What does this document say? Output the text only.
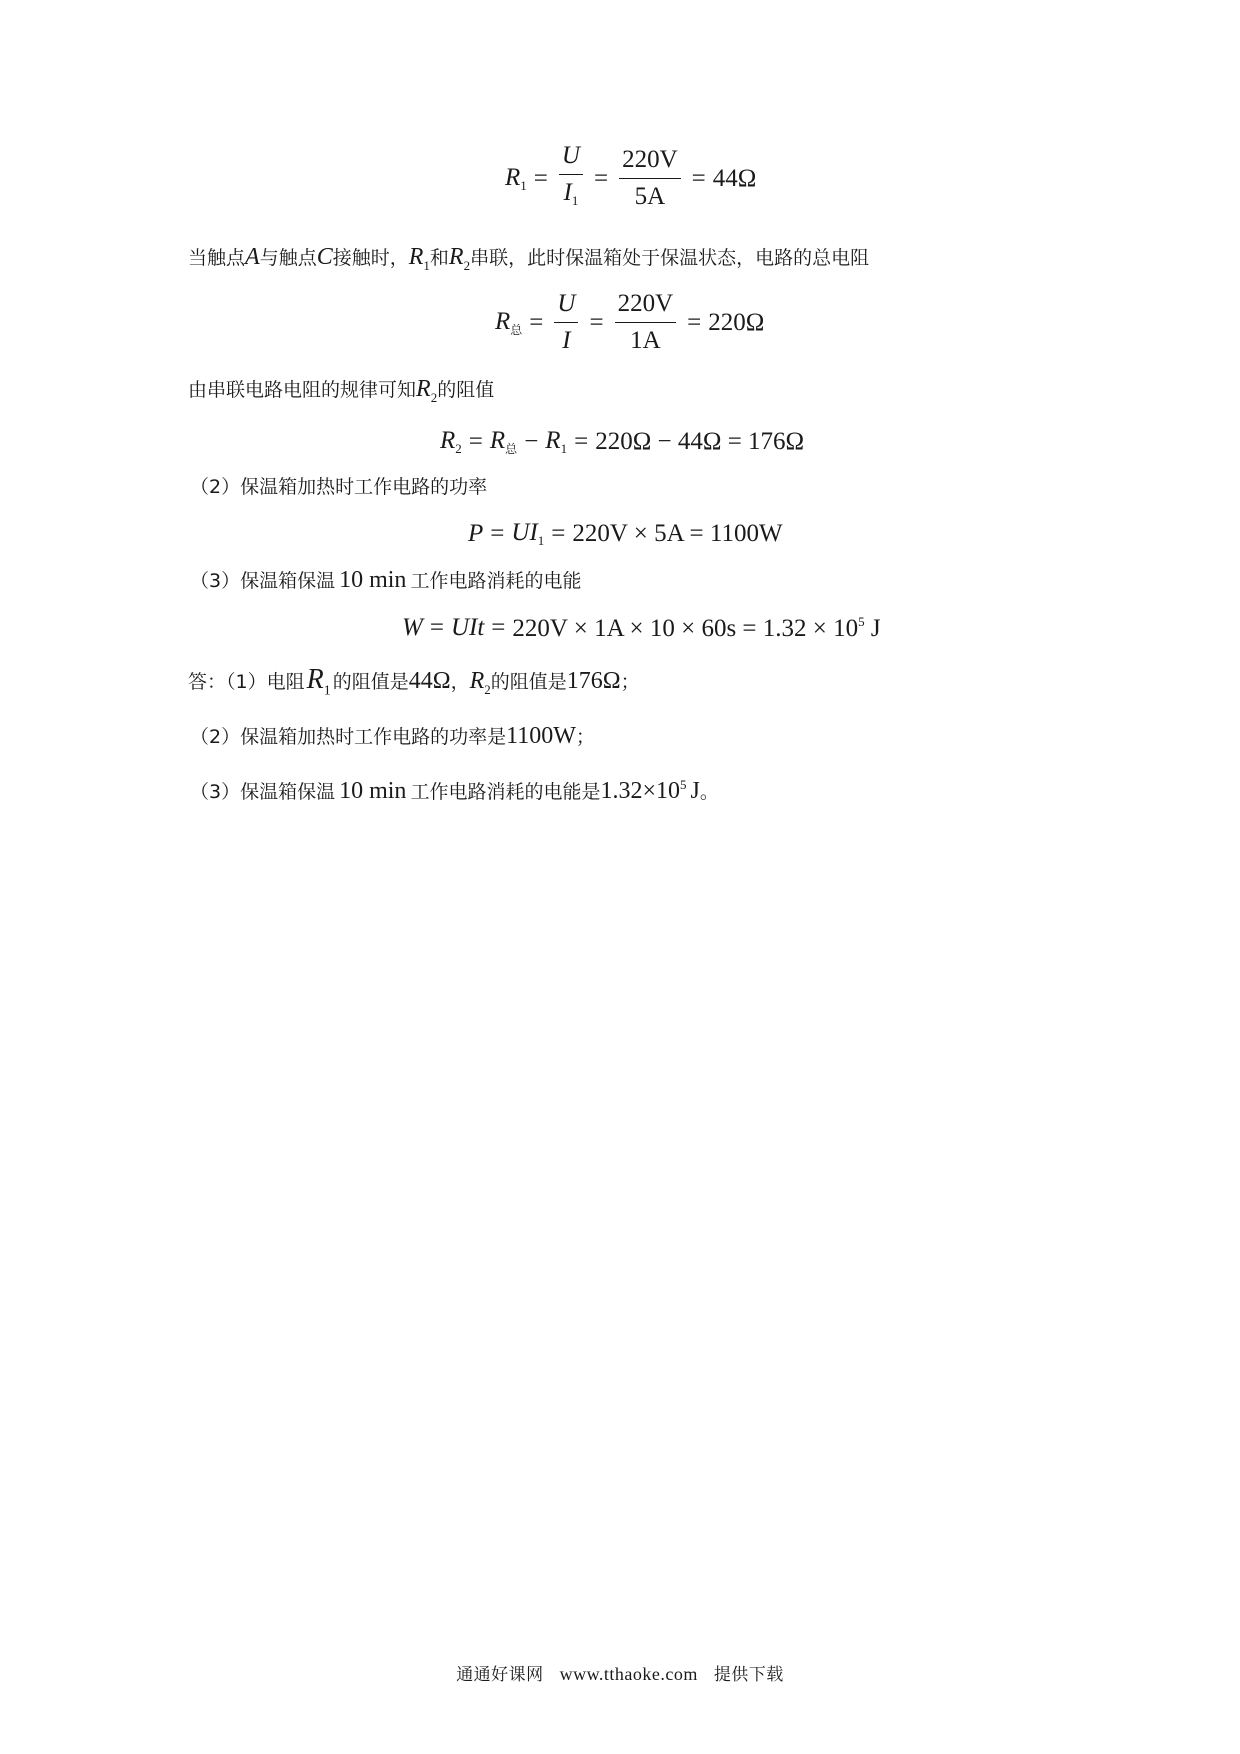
$R_1 = \frac{U}{I_1} = \frac{220V}{5A} = 44\Omega$
当触点A与触点C接触时，$R_1$和$R_2$串联，此时保温箱处于保温状态，电路的总电阻
$R_总 = \frac{U}{I} = \frac{220V}{1A} = 220\Omega$
由串联电路电阻的规律可知$R_2$的阻值
$R_2 = R_总 - R_1 = 220\Omega - 44\Omega = 176\Omega$
（2）保温箱加热时工作电路的功率
$P = UI_1 = 220V \times 5A = 1100W$
（3）保温箱保温 10 min 工作电路消耗的电能
W = UIt = $220V \times 1A \times 10 \times 60s = 1.32 \times 10^5$ J
答：（1）电阻$R_1$ 的阻值是44Ω，$R_2$的阻值是176Ω；
（2）保温箱加热时工作电路的功率是1100W；
（3）保温箱保温 10 min 工作电路消耗的电能是$1.32\times 10^5$ J。
通通好课网 www.tthaoke.com 提供下载
